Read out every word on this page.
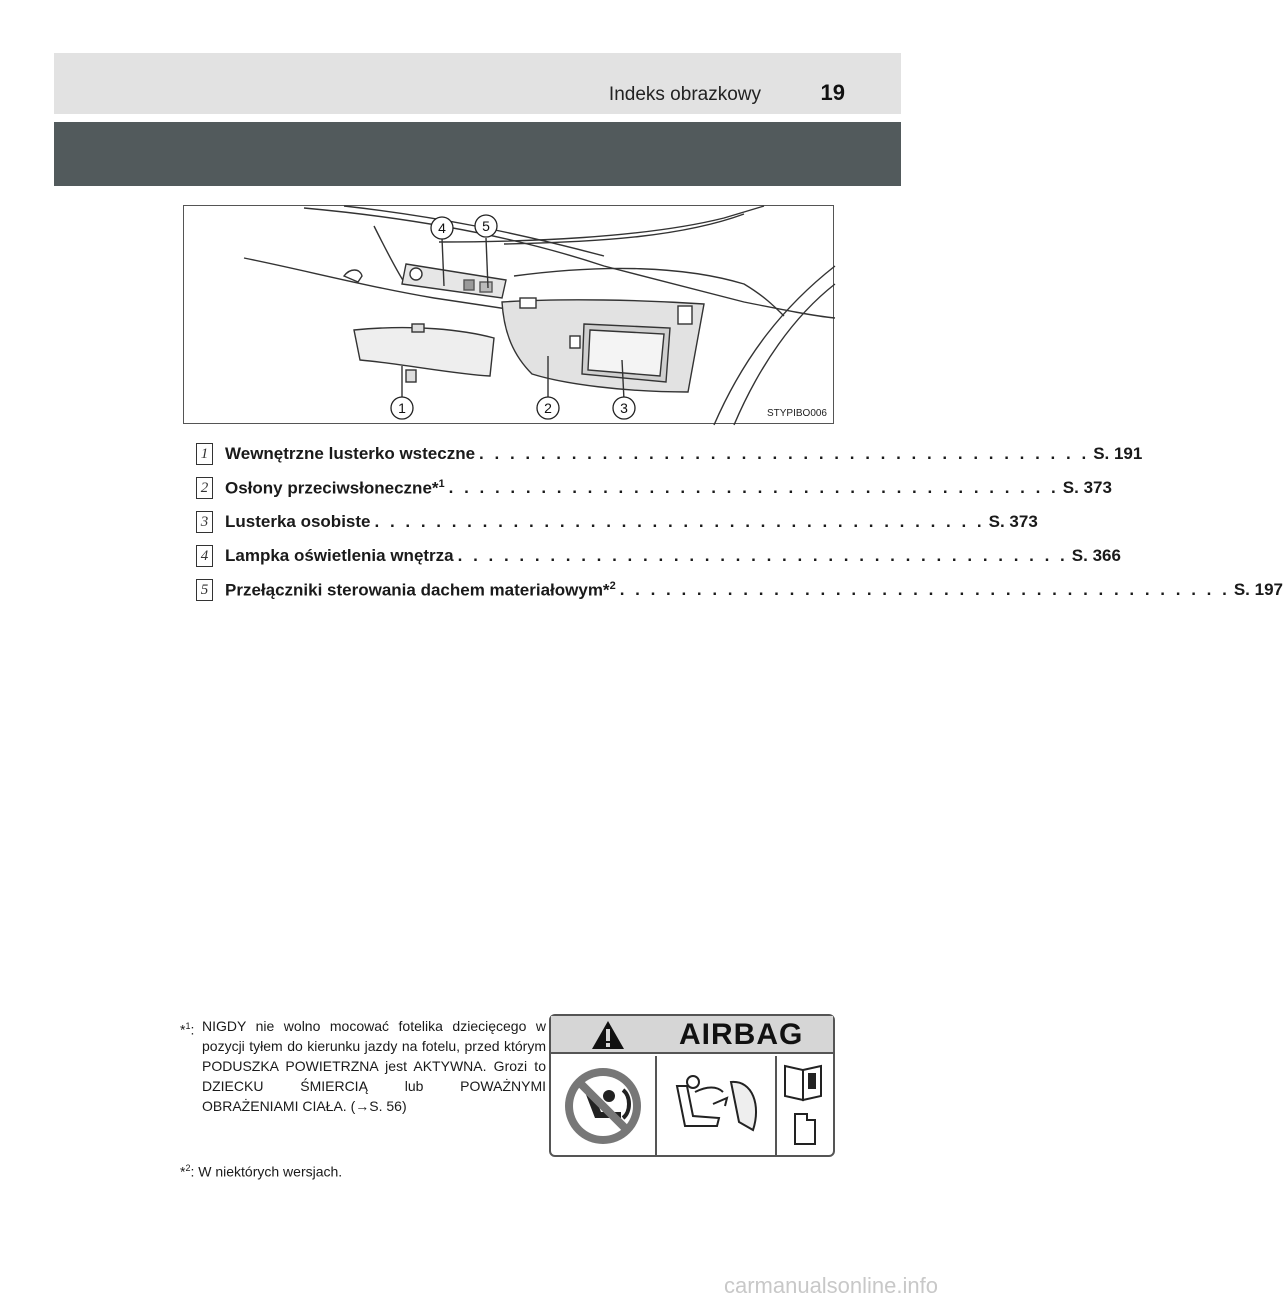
Indeks obrazkowy	19
4	5
1	2	3	STYPIBO006
1 Wewnętrzne lusterko wsteczne . . . . . . . . . . . . . . . . . . . . . . . . . . . . . . . . . . . . . . . . S. 191
2 Osłony przeciwsłoneczne*$^1$ . . . . . . . . . . . . . . . . . . . . . . . . . . . . . . . . . . . . . . . . S. 373
3 Lusterka osobiste . . . . . . . . . . . . . . . . . . . . . . . . . . . . . . . . . . . . . . . . S. 373
4 Lampka oświetlenia wnętrza . . . . . . . . . . . . . . . . . . . . . . . . . . . . . . . . . . . . . . . . S. 366
5 Przełączniki sterowania dachem materiałowym*$^2$ . . . . . . . . . . . . . . . . . . . . . . . . . . . . . . . . . . . . . . . . S. 197
*$^1$: NIGDY nie wolno mocować fotelika dziecięcego w pozycji tyłem do kierunku jazdy na fotelu, przed którym PODUSZKA POWIETRZNA jest AKTYWNA. Grozi to DZIECKU ŚMIERCIĄ lub POWAŻNYMI OBRAŻENIAMI CIAŁA. (→S. 56)
*$^2$: W niektórych wersjach.
AIRBAG
carmanualsonline.info
